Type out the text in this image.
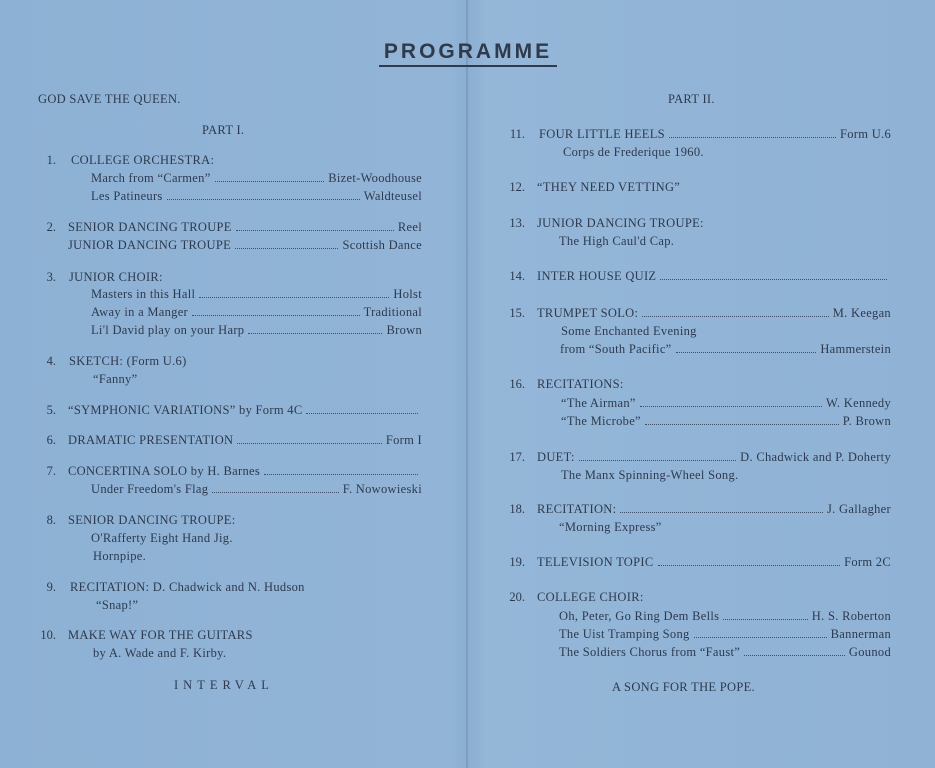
PROGRAMME
GOD SAVE THE QUEEN.
PART I.
1. COLLEGE ORCHESTRA:
March from “Carmen”	Bizet-Woodhouse
Les Patineurs	Waldteusel
2. SENIOR DANCING TROUPE	Reel
JUNIOR DANCING TROUPE	Scottish Dance
3. JUNIOR CHOIR:
Masters in this Hall	Holst
Away in a Manger	Traditional
Li'l David play on your Harp	Brown
4. SKETCH: (Form U.6)
“Fanny”
5. “SYMPHONIC VARIATIONS” by Form 4C
6. DRAMATIC PRESENTATION	Form I
7. CONCERTINA SOLO by H. Barnes
Under Freedom's Flag	F. Nowowieski
8. SENIOR DANCING TROUPE:
O'Rafferty Eight Hand Jig.
Hornpipe.
9. RECITATION: D. Chadwick and N. Hudson
“Snap!”
10. MAKE WAY FOR THE GUITARS
by A. Wade and F. Kirby.
INTERVAL
PART II.
11. FOUR LITTLE HEELS	Form U.6
Corps de Frederique 1960.
12. “THEY NEED VETTING”
13. JUNIOR DANCING TROUPE:
The High Caul'd Cap.
14. INTER HOUSE QUIZ
15. TRUMPET SOLO:	M. Keegan
Some Enchanted Evening
from “South Pacific”	Hammerstein
16. RECITATIONS:
“The Airman”	W. Kennedy
“The Microbe”	P. Brown
17. DUET:	D. Chadwick and P. Doherty
The Manx Spinning-Wheel Song.
18. RECITATION:	J. Gallagher
“Morning Express”
19. TELEVISION TOPIC	Form 2C
20. COLLEGE CHOIR:
Oh, Peter, Go Ring Dem Bells	H. S. Roberton
The Uist Tramping Song	Bannerman
The Soldiers Chorus from “Faust”	Gounod
A SONG FOR THE POPE.
